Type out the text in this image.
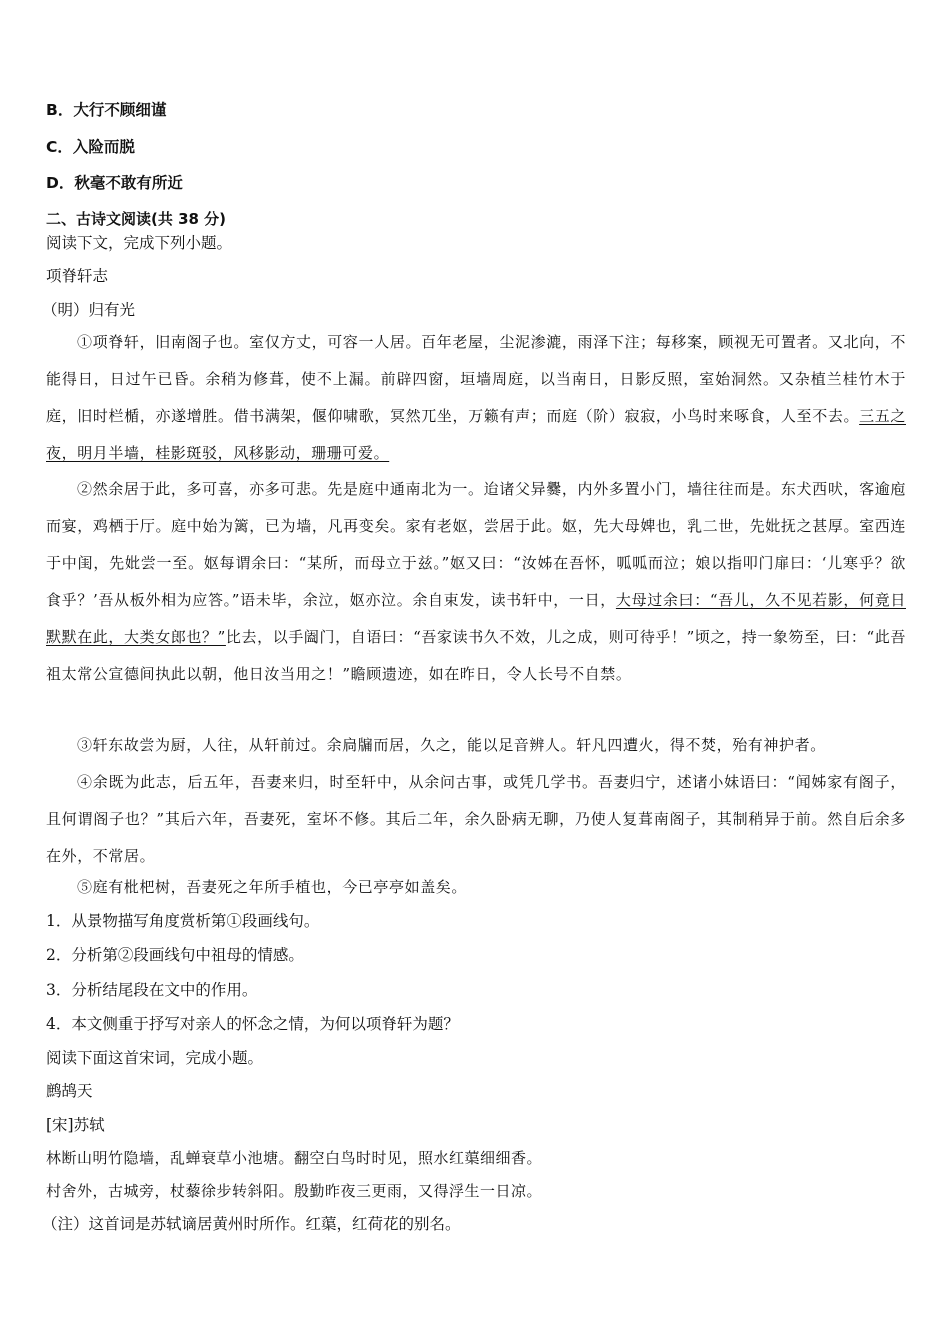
B．大行不顾细谨

C．入险而脱

D．秋毫不敢有所近

二、古诗文阅读(共 38 分)

阅读下文，完成下列小题。

项脊轩志

（明）归有光

①项脊轩，旧南阁子也。室仅方丈，可容一人居。百年老屋，尘泥渗漉，雨泽下注；每移案，顾视无可置者。又北向，不能得日，日过午已昏。余稍为修葺，使不上漏。前辟四窗，垣墙周庭，以当南日，日影反照，室始洞然。又杂植兰桂竹木于庭，旧时栏楯，亦遂增胜。借书满架，偃仰啸歌，冥然兀坐，万籁有声；而庭（阶）寂寂，小鸟时来啄食，人至不去。三五之夜，明月半墙，桂影斑驳，风移影动，珊珊可爱。

②然余居于此，多可喜，亦多可悲。先是庭中通南北为一。迨诸父异爨，内外多置小门，墙往往而是。东犬西吠，客逾庖而宴，鸡栖于厅。庭中始为篱，已为墙，凡再变矣。家有老妪，尝居于此。妪，先大母婢也，乳二世，先妣抚之甚厚。室西连于中闺，先妣尝一至。妪每谓余曰：“某所，而母立于兹。”妪又曰：“汝姊在吾怀，呱呱而泣；娘以指叩门扉曰：‘儿寒乎？欲食乎？’吾从板外相为应答。”语未毕，余泣，妪亦泣。余自束发，读书轩中，一日，大母过余曰：“吾儿，久不见若影，何竟日默默在此，大类女郎也？”比去，以手阖门，自语曰：“吾家读书久不效，儿之成，则可待乎！”顷之，持一象笏至，曰：“此吾祖太常公宣德间执此以朝，他日汝当用之！”瞻顾遗迹，如在昨日，令人长号不自禁。

③轩东故尝为厨，人往，从轩前过。余扃牖而居，久之，能以足音辨人。轩凡四遭火，得不焚，殆有神护者。

④余既为此志，后五年，吾妻来归，时至轩中，从余问古事，或凭几学书。吾妻归宁，述诸小妹语曰：“闻姊家有阁子，且何谓阁子也？”其后六年，吾妻死，室坏不修。其后二年，余久卧病无聊，乃使人复葺南阁子，其制稍异于前。然自后余多在外，不常居。

⑤庭有枇杷树，吾妻死之年所手植也，今已亭亭如盖矣。

1．从景物描写角度赏析第①段画线句。

2．分析第②段画线句中祖母的情感。

3．分析结尾段在文中的作用。

4．本文侧重于抒写对亲人的怀念之情，为何以项脊轩为题？

阅读下面这首宋词，完成小题。

鹧鸪天

[宋]苏轼

林断山明竹隐墙，乱蝉衰草小池塘。翻空白鸟时时见，照水红蕖细细香。

村舍外，古城旁，杖藜徐步转斜阳。殷勤昨夜三更雨，又得浮生一日凉。

（注）这首词是苏轼谪居黄州时所作。红蕖，红荷花的别名。
